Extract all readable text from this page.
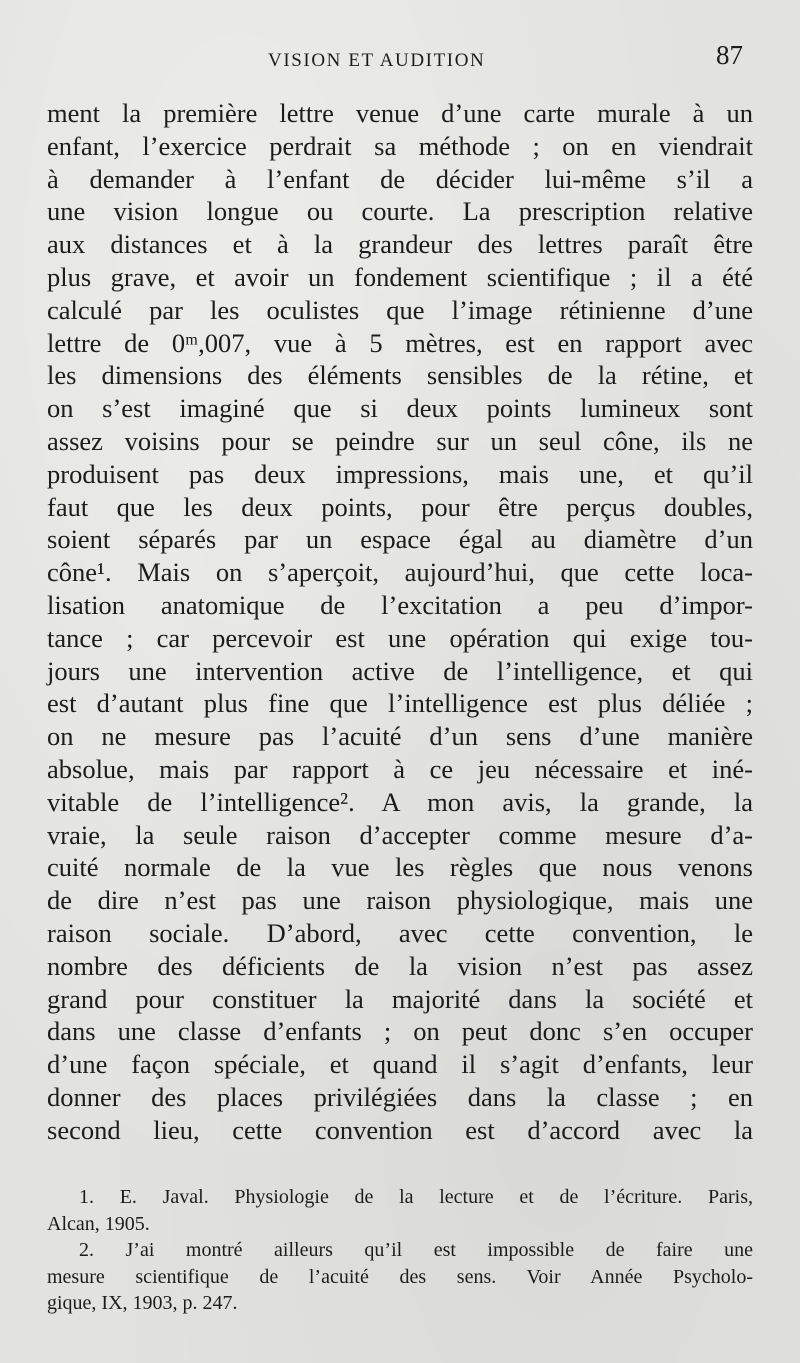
VISION ET AUDITION	87
ment la première lettre venue d’une carte murale à un
enfant, l’exercice perdrait sa méthode ; on en viendrait
à demander à l’enfant de décider lui-même s’il a
une vision longue ou courte. La prescription relative
aux distances et à la grandeur des lettres paraît être
plus grave, et avoir un fondement scientifique ; il a été
calculé par les oculistes que l’image rétinienne d’une
lettre de 0ᵐ,007, vue à 5 mètres, est en rapport avec
les dimensions des éléments sensibles de la rétine, et
on s’est imaginé que si deux points lumineux sont
assez voisins pour se peindre sur un seul cône, ils ne
produisent pas deux impressions, mais une, et qu’il
faut que les deux points, pour être perçus doubles,
soient séparés par un espace égal au diamètre d’un
cône¹. Mais on s’aperçoit, aujourd’hui, que cette loca-
lisation anatomique de l’excitation a peu d’impor-
tance ; car percevoir est une opération qui exige tou-
jours une intervention active de l’intelligence, et qui
est d’autant plus fine que l’intelligence est plus déliée ;
on ne mesure pas l’acuité d’un sens d’une manière
absolue, mais par rapport à ce jeu nécessaire et iné-
vitable de l’intelligence². A mon avis, la grande, la
vraie, la seule raison d’accepter comme mesure d’a-
cuité normale de la vue les règles que nous venons
de dire n’est pas une raison physiologique, mais une
raison sociale. D’abord, avec cette convention, le
nombre des déficients de la vision n’est pas assez
grand pour constituer la majorité dans la société et
dans une classe d’enfants ; on peut donc s’en occuper
d’une façon spéciale, et quand il s’agit d’enfants, leur
donner des places privilégiées dans la classe ; en
second lieu, cette convention est d’accord avec la
1. E. Javal. Physiologie de la lecture et de l’écriture. Paris,
Alcan, 1905.
2. J’ai montré ailleurs qu’il est impossible de faire une
mesure scientifique de l’acuité des sens. Voir Année Psycholo-
gique, IX, 1903, p. 247.
